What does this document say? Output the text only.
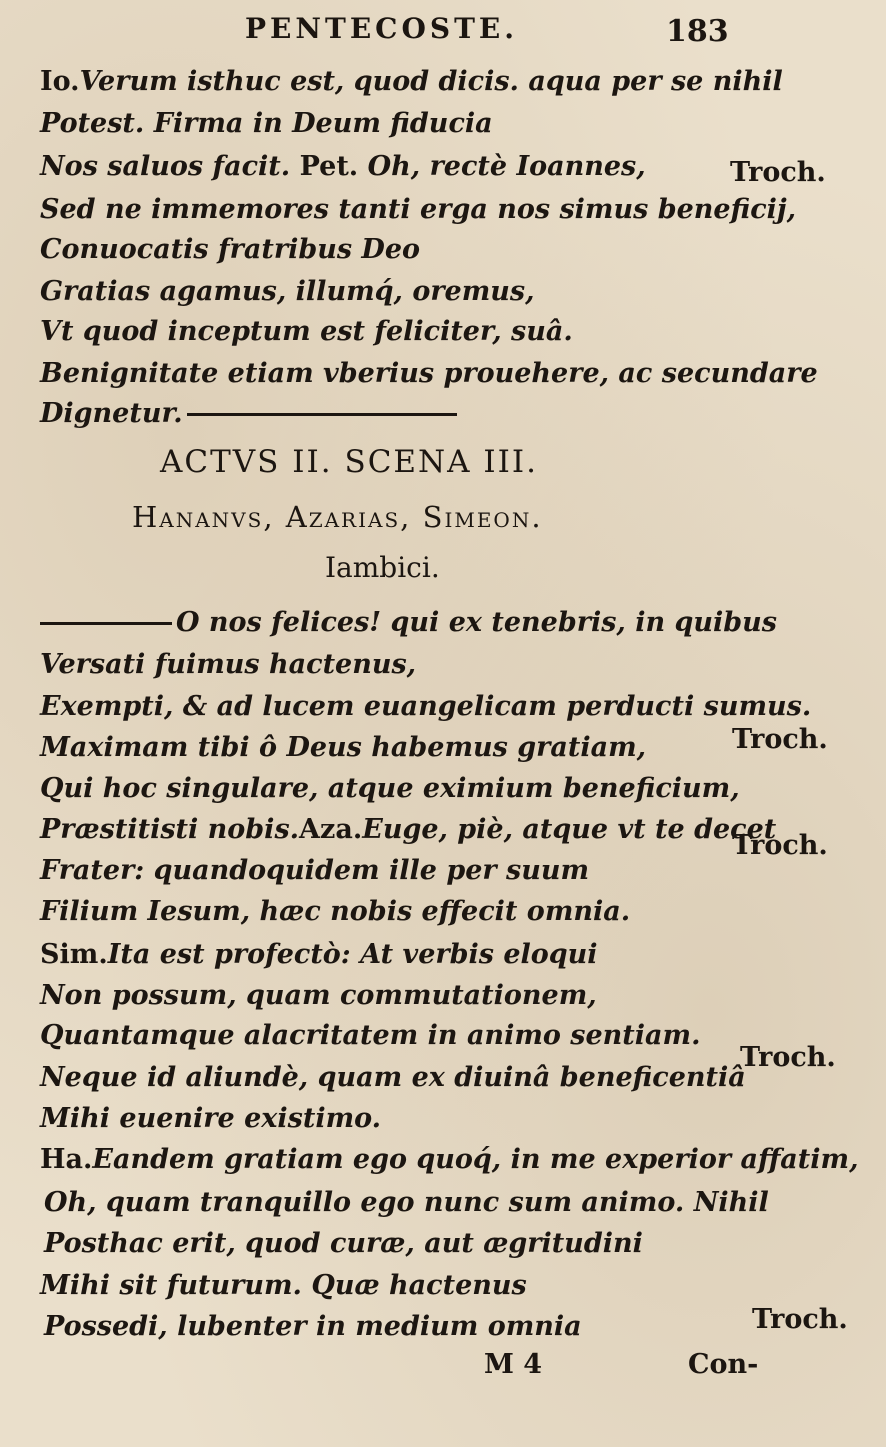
PENTECOSTE.	183
Io.Verum isthuc est, quod dicis. aqua per se nihil
Potest. Firma in Deum fiducia
Nos saluos facit. Pet. Oh, rectè Ioannes,
Sed ne immemores tanti erga nos simus beneficij,
Conuocatis fratribus Deo
Gratias agamus, illumq́, oremus,
Vt quod inceptum est feliciter, suâ.
Benignitate etiam vberius prouehere, ac secundare
Dignetur.
Troch.
ACTVS II. SCENA III.
Hananvs, Azarias, Simeon.
Iambici.
O nos felices! qui ex tenebris, in quibus
Versati fuimus hactenus,
Exempti, & ad lucem euangelicam perducti sumus.
Maximam tibi ô Deus habemus gratiam,
Qui hoc singulare, atque eximium beneficium,
Præstitisti nobis.Aza.Euge, piè, atque vt te decet
Frater: quandoquidem ille per suum
Filium Iesum, hæc nobis effecit omnia.
Sim.Ita est profectò: At verbis eloqui
Non possum, quam commutationem,
Quantamque alacritatem in animo sentiam.
Neque id aliundè, quam ex diuinâ beneficentiâ
Mihi euenire existimo.
Ha.Eandem gratiam ego quoq́, in me experior affatim,
Oh, quam tranquillo ego nunc sum animo. Nihil
Posthac erit, quod curæ, aut ægritudini
Mihi sit futurum. Quæ hactenus
Possedi, lubenter in medium omnia
Troch.
Troch.
Troch.
Troch.
M 4	Con-
